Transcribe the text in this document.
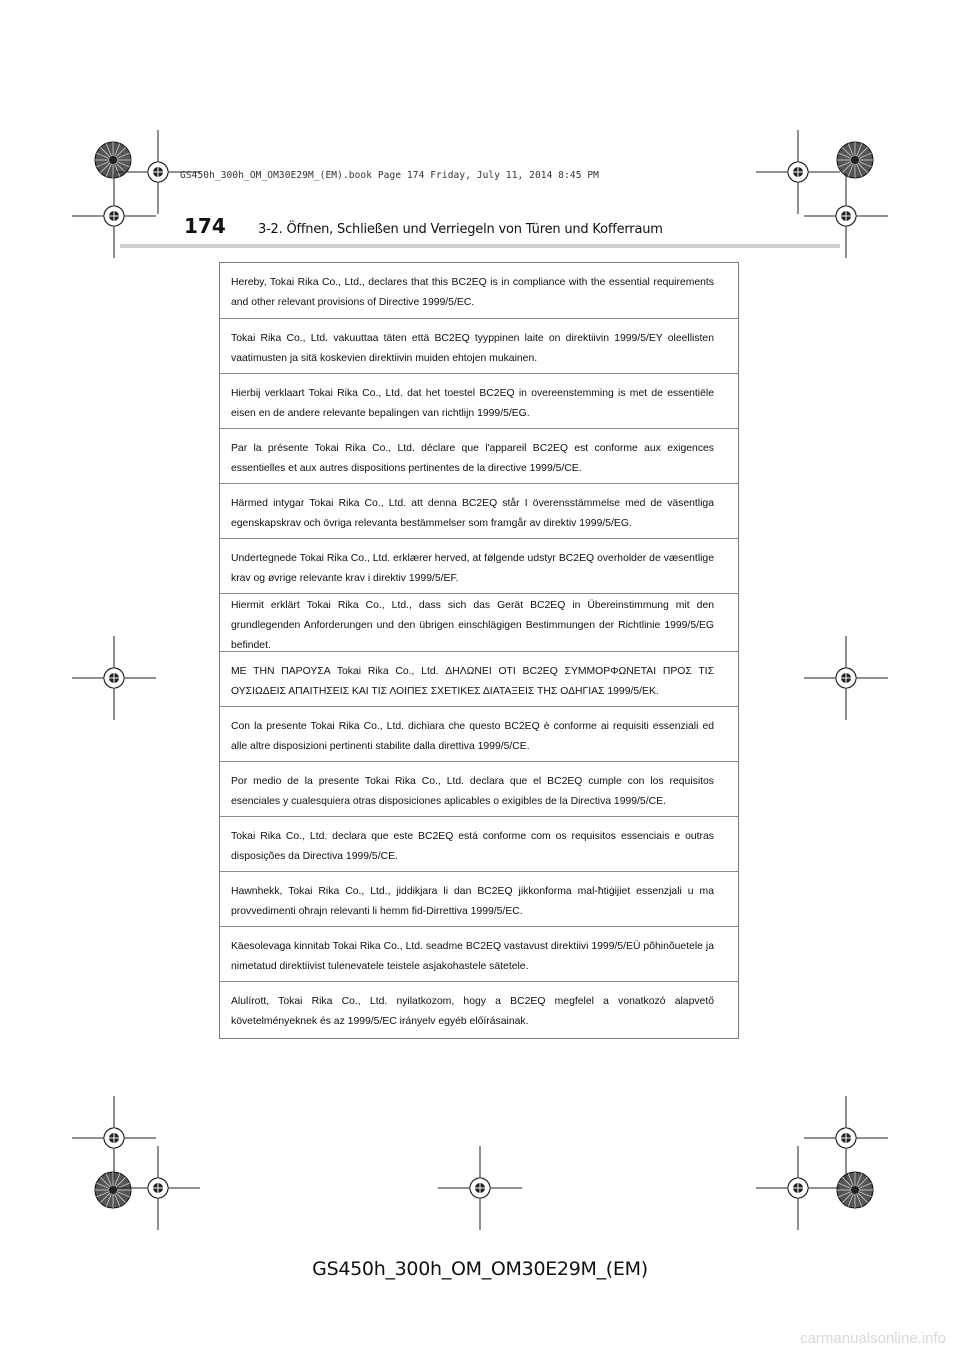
GS450h_300h_OM_OM30E29M_(EM).book Page 174 Friday, July 11, 2014 8:45 PM
174 3-2. Öffnen, Schließen und Verriegeln von Türen und Kofferraum
Hereby, Tokai Rika Co., Ltd., declares that this BC2EQ is in compliance with the essential requirements and other relevant provisions of Directive 1999/5/EC.
Tokai Rika Co., Ltd. vakuuttaa täten että BC2EQ tyyppinen laite on direktiivin 1999/5/EY oleellisten vaatimusten ja sitä koskevien direktiivin muiden ehtojen mukainen.
Hierbij verklaart Tokai Rika Co., Ltd. dat het toestel BC2EQ in overeenstemming is met de essentiële eisen en de andere relevante bepalingen van richtlijn 1999/5/EG.
Par la présente Tokai Rika Co., Ltd. déclare que l'appareil BC2EQ est conforme aux exigences essentielles et aux autres dispositions pertinentes de la directive 1999/5/CE.
Härmed intygar Tokai Rika Co., Ltd. att denna BC2EQ står I överensstämmelse med de väsentliga egenskapskrav och övriga relevanta bestämmelser som framgår av direktiv 1999/5/EG.
Undertegnede Tokai Rika Co., Ltd. erklærer herved, at følgende udstyr BC2EQ overholder de væsentlige krav og øvrige relevante krav i direktiv 1999/5/EF.
Hiermit erklärt Tokai Rika Co., Ltd., dass sich das Gerät BC2EQ in Übereinstimmung mit den grundlegenden Anforderungen und den übrigen einschlägigen Bestimmungen der Richtlinie 1999/5/EG befindet.
ΜΕ ΤΗΝ ΠΑΡΟΥΣΑ Tokai Rika Co., Ltd. ΔΗΛΩΝΕΙ ΟΤΙ BC2EQ ΣΥΜΜΟΡΦΩΝΕΤΑΙ ΠΡΟΣ ΤΙΣ ΟΥΣΙΩΔΕΙΣ ΑΠΑΙΤΗΣΕΙΣ ΚΑΙ ΤΙΣ ΛΟΙΠΕΣ ΣΧΕΤΙΚΕΣ ΔΙΑΤΑΞΕΙΣ ΤΗΣ ΟΔΗΓΙΑΣ 1999/5/ΕΚ.
Con la presente Tokai Rika Co., Ltd. dichiara che questo BC2EQ è conforme ai requisiti essenziali ed alle altre disposizioni pertinenti stabilite dalla direttiva 1999/5/CE.
Por medio de la presente Tokai Rika Co., Ltd. declara que el BC2EQ cumple con los requisitos esenciales y cualesquiera otras disposiciones aplicables o exigibles de la Directiva 1999/5/CE.
Tokai Rika Co., Ltd. declara que este BC2EQ está conforme com os requisitos essenciais e outras disposições da Directiva 1999/5/CE.
Hawnhekk, Tokai Rika Co., Ltd., jiddikjara li dan BC2EQ jikkonforma mal-ħtiġijiet essenzjali u ma provvedimenti oħrajn relevanti li hemm fid-Dirrettiva 1999/5/EC.
Käesolevaga kinnitab Tokai Rika Co., Ltd. seadme BC2EQ vastavust direktiivi 1999/5/EÜ põhinõuetele ja nimetatud direktiivist tulenevatele teistele asjakohastele sätetele.
Alulírott, Tokai Rika Co., Ltd. nyilatkozom, hogy a BC2EQ megfelel a vonatkozó alapvető követelményeknek és az 1999/5/EC irányelv egyéb előírásainak.
GS450h_300h_OM_OM30E29M_(EM)
carmanualsonline.info
